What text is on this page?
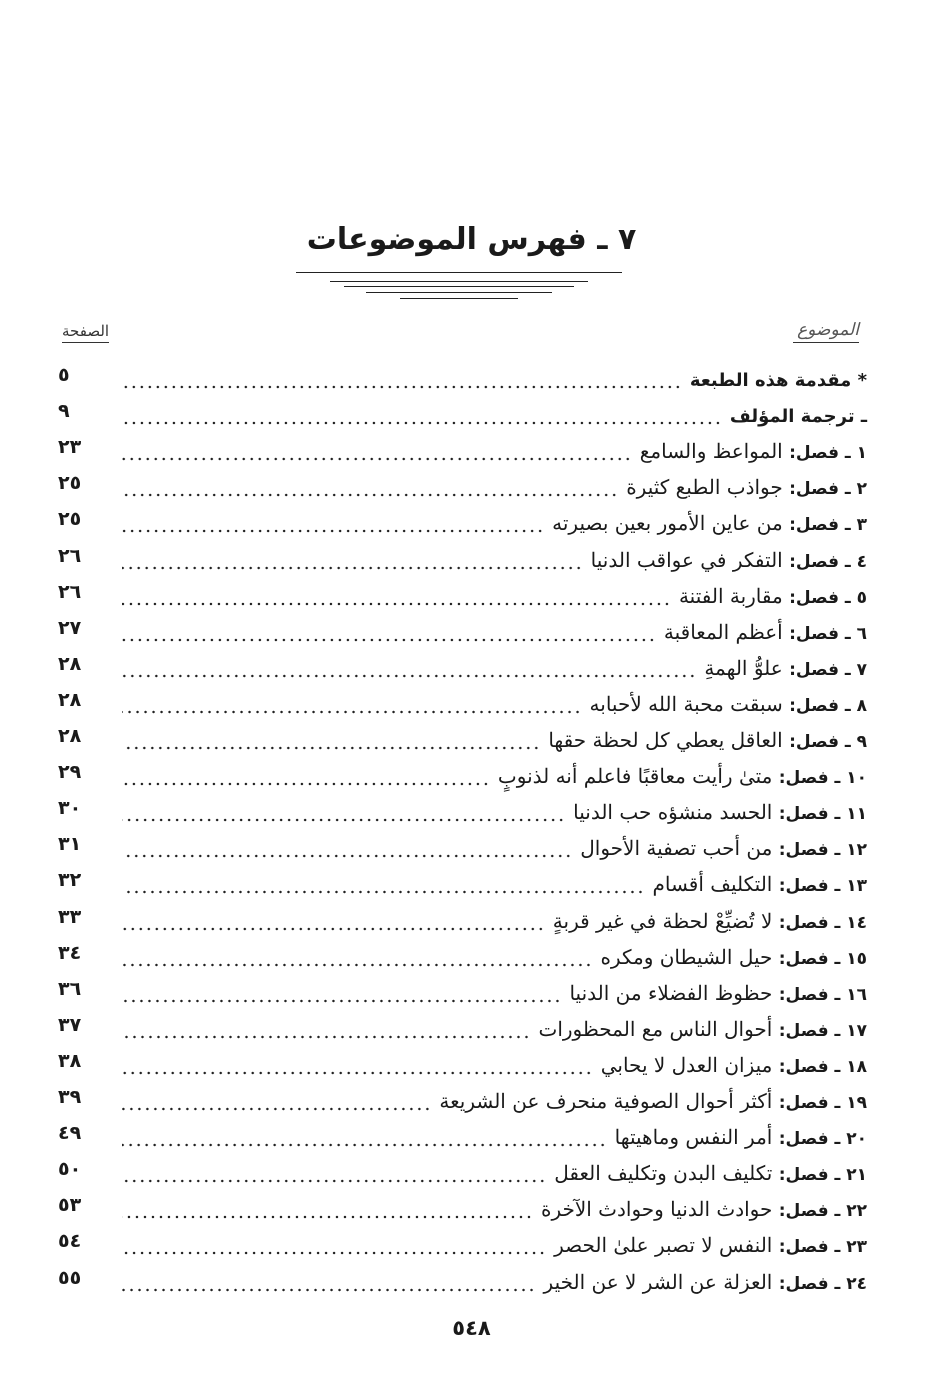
٧ ـ فهرس الموضوعات
الموضوع
الصفحة
* مقدمة هذه الطبعة
٥
ـ ترجمة المؤلف
٩
١ ـ فصل: المواعظ والسامع
٢٣
٢ ـ فصل: جواذب الطبع كثيرة
٢٥
٣ ـ فصل: من عاين الأمور بعين بصيرته
٢٥
٤ ـ فصل: التفكر في عواقب الدنيا
٢٦
٥ ـ فصل: مقاربة الفتنة
٢٦
٦ ـ فصل: أعظم المعاقبة
٢٧
٧ ـ فصل: علوُّ الهمةِ
٢٨
٨ ـ فصل: سبقت محبة الله لأحبابه
٢٨
٩ ـ فصل: العاقل يعطي كل لحظة حقها
٢٨
١٠ ـ فصل: متىٰ رأيت معاقبًا فاعلم أنه لذنوبٍ
٢٩
١١ ـ فصل: الحسد منشؤه حب الدنيا
٣٠
١٢ ـ فصل: من أحب تصفية الأحوال
٣١
١٣ ـ فصل: التكليف أقسام
٣٢
١٤ ـ فصل: لا تُضيِّعْ لحظة في غير قربةٍ
٣٣
١٥ ـ فصل: حيل الشيطان ومكره
٣٤
١٦ ـ فصل: حظوظ الفضلاء من الدنيا
٣٦
١٧ ـ فصل: أحوال الناس مع المحظورات
٣٧
١٨ ـ فصل: ميزان العدل لا يحابي
٣٨
١٩ ـ فصل: أكثر أحوال الصوفية منحرف عن الشريعة
٣٩
٢٠ ـ فصل: أمر النفس وماهيتها
٤٩
٢١ ـ فصل: تكليف البدن وتكليف العقل
٥٠
٢٢ ـ فصل: حوادث الدنيا وحوادث الآخرة
٥٣
٢٣ ـ فصل: النفس لا تصبر علىٰ الحصر
٥٤
٢٤ ـ فصل: العزلة عن الشر لا عن الخير
٥٥
٥٤٨
